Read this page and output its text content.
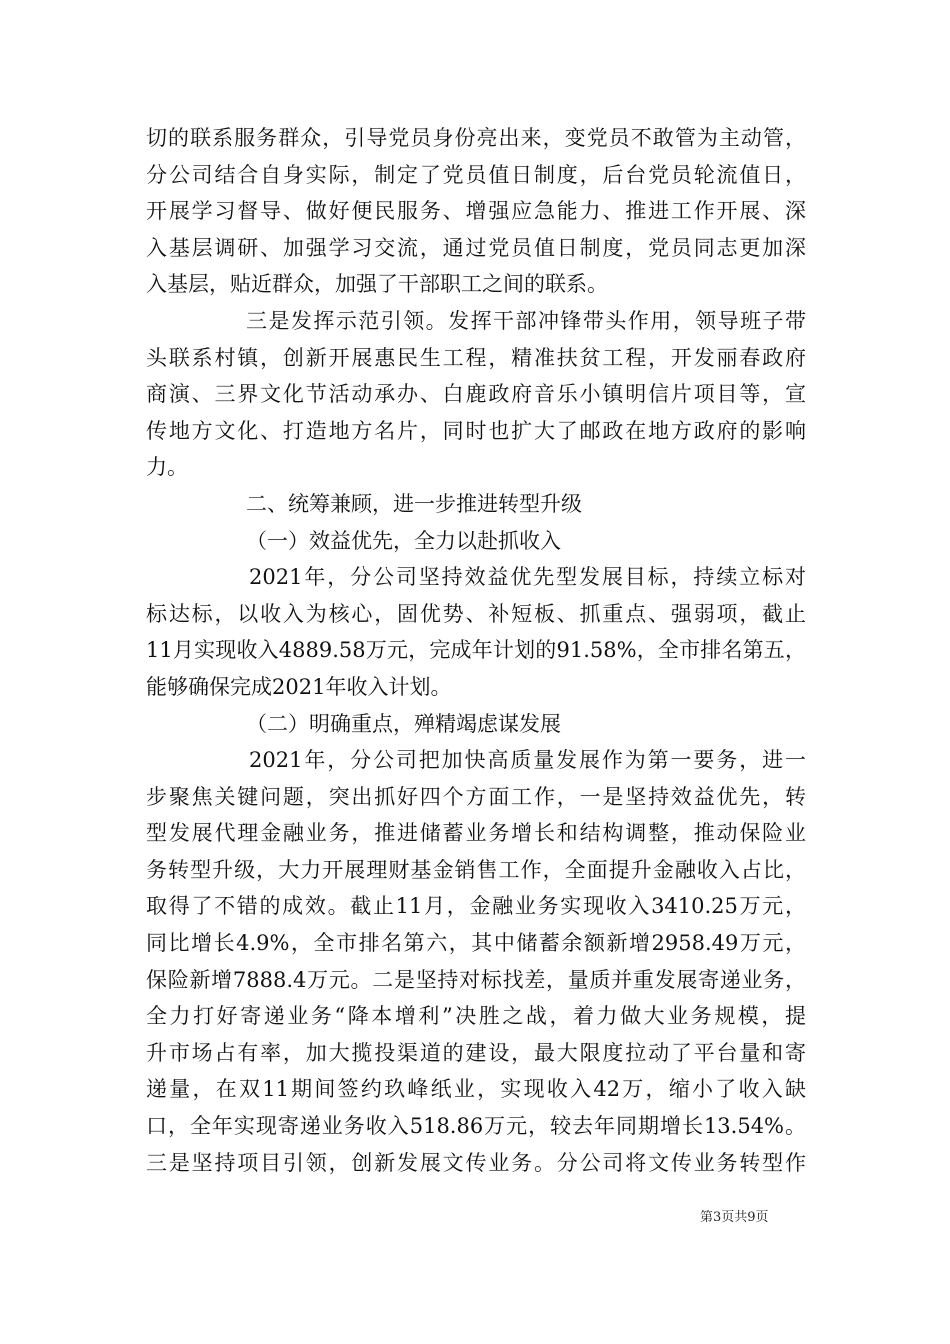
切的联系服务群众，引导党员身份亮出来，变党员不敢管为主动管，
分公司结合自身实际，制定了党员值日制度，后台党员轮流值日，
开展学习督导、做好便民服务、增强应急能力、推进工作开展、深
入基层调研、加强学习交流，通过党员值日制度，党员同志更加深
入基层，贴近群众，加强了干部职工之间的联系。
三是发挥示范引领。发挥干部冲锋带头作用，领导班子带
头联系村镇，创新开展惠民生工程，精准扶贫工程，开发丽春政府
商演、三界文化节活动承办、白鹿政府音乐小镇明信片项目等，宣
传地方文化、打造地方名片，同时也扩大了邮政在地方政府的影响
力。
二、统筹兼顾，进一步推进转型升级
（一）效益优先，全力以赴抓收入
2021年，分公司坚持效益优先型发展目标，持续立标对
标达标，以收入为核心，固优势、补短板、抓重点、强弱项，截止
11月实现收入4889.58万元，完成年计划的91.58%，全市排名第五，
能够确保完成2021年收入计划。
（二）明确重点，殚精竭虑谋发展
2021年，分公司把加快高质量发展作为第一要务，进一
步聚焦关键问题，突出抓好四个方面工作，一是坚持效益优先，转
型发展代理金融业务，推进储蓄业务增长和结构调整，推动保险业
务转型升级，大力开展理财基金销售工作，全面提升金融收入占比，
取得了不错的成效。截止11月，金融业务实现收入3410.25万元，
同比增长4.9%，全市排名第六，其中储蓄余额新增2958.49万元，
保险新增7888.4万元。二是坚持对标找差，量质并重发展寄递业务，
全力打好寄递业务“降本增利”决胜之战，着力做大业务规模，提
升市场占有率，加大揽投渠道的建设，最大限度拉动了平台量和寄
递量，在双11期间签约玖峰纸业，实现收入42万，缩小了收入缺
口，全年实现寄递业务收入518.86万元，较去年同期增长13.54%。
三是坚持项目引领，创新发展文传业务。分公司将文传业务转型作
第3页共9页
